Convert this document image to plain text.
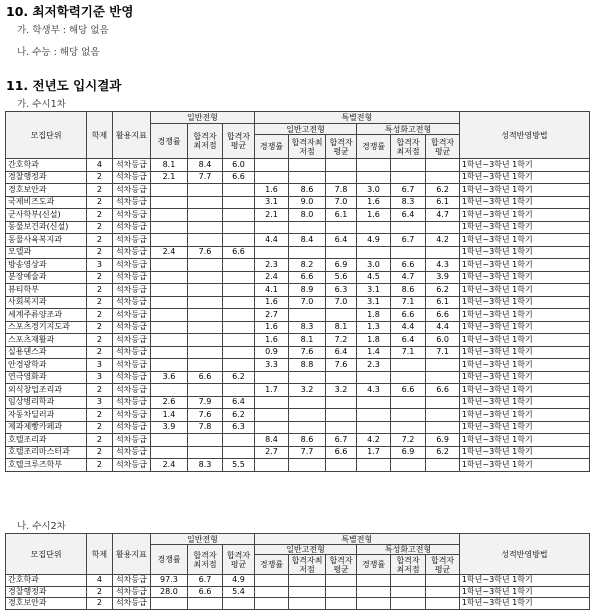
10. 최저학력기준 반영
가. 학생부 : 해당 없음
나. 수능 : 해당 없음
11. 전년도 입시결과
가. 수시1차
모집단위	학제	활용지표	일반전형			특별전형						성적반영방법
			경쟁률	합격자최저점	합격자평균	일반고전형			특성화고전형			
						경쟁률	합격자최저점	합격자평균	경쟁률	합격자최저점	합격자평균	
간호학과	4	석차등급	8.1	8.4	6.0							1학년~3학년 1학기
경찰행정과	2	석차등급	2.1	7.7	6.6							1학년~3학년 1학기
경호보안과	2	석차등급				1.6	8.6	7.8	3.0	6.7	6.2	1학년~3학년 1학기
국제비즈도과	2	석차등급				3.1	9.0	7.0	1.6	8.3	6.1	1학년~3학년 1학기
군사학부(신설)	2	석차등급				2.1	8.0	6.1	1.6	6.4	4.7	1학년~3학년 1학기
동물보건과(신설)	2	석차등급										1학년~3학년 1학기
동물사육복지과	2	석차등급				4.4	8.4	6.4	4.9	6.7	4.2	1학년~3학년 1학기
모델과	2	석차등급	2.4	7.6	6.6							1학년~3학년 1학기
방송영상과	3	석차등급				2.3	8.2	6.9	3.0	6.6	4.3	1학년~3학년 1학기
분장예술과	2	석차등급				2.4	6.6	5.6	4.5	4.7	3.9	1학년~3학년 1학기
뷰티학부	2	석차등급				4.1	8.9	6.3	3.1	8.6	6.2	1학년~3학년 1학기
사회복지과	2	석차등급				1.6	7.0	7.0	3.1	7.1	6.1	1학년~3학년 1학기
세계주류양조과	2	석차등급				2.7			1.8	6.6	6.6	1학년~3학년 1학기
스포츠경기지도과	2	석차등급				1.6	8.3	8.1	1.3	4.4	4.4	1학년~3학년 1학기
스포츠재활과	2	석차등급				1.6	8.1	7.2	1.8	6.4	6.0	1학년~3학년 1학기
실용댄스과	2	석차등급				0.9	7.6	6.4	1.4	7.1	7.1	1학년~3학년 1학기
안경광학과	3	석차등급				3.3	8.8	7.6	2.3			1학년~3학년 1학기
연극영화과	3	석차등급	3.6	6.6	6.2							1학년~3학년 1학기
외식창업조리과	2	석차등급				1.7	3.2	3.2	4.3	6.6	6.6	1학년~3학년 1학기
임상병리학과	3	석차등급	2.6	7.9	6.4							1학년~3학년 1학기
자동차딜러과	2	석차등급	1.4	7.6	6.2							1학년~3학년 1학기
제과제빵카페과	2	석차등급	3.9	7.8	6.3							1학년~3학년 1학기
호텔조리과	2	석차등급				8.4	8.6	6.7	4.2	7.2	6.9	1학년~3학년 1학기
호텔조리마스터과	2	석차등급				2.7	7.7	6.6	1.7	6.9	6.2	1학년~3학년 1학기
호텔크루즈학부	2	석차등급	2.4	8.3	5.5							1학년~3학년 1학기
나. 수시2차
모집단위	학제	활용지표	일반전형			특별전형						성적반영방법
			경쟁률	합격자최저점	합격자평균	일반고전형			특성화고전형			
						경쟁률	합격자최저점	합격자평균	경쟁률	합격자최저점	합격자평균	
간호학과	4	석차등급	97.3	6.7	4.9							1학년~3학년 1학기
경찰행정과	2	석차등급	28.0	6.6	5.4							1학년~3학년 1학기
경호보안과	2	석차등급										1학년~3학년 1학기
